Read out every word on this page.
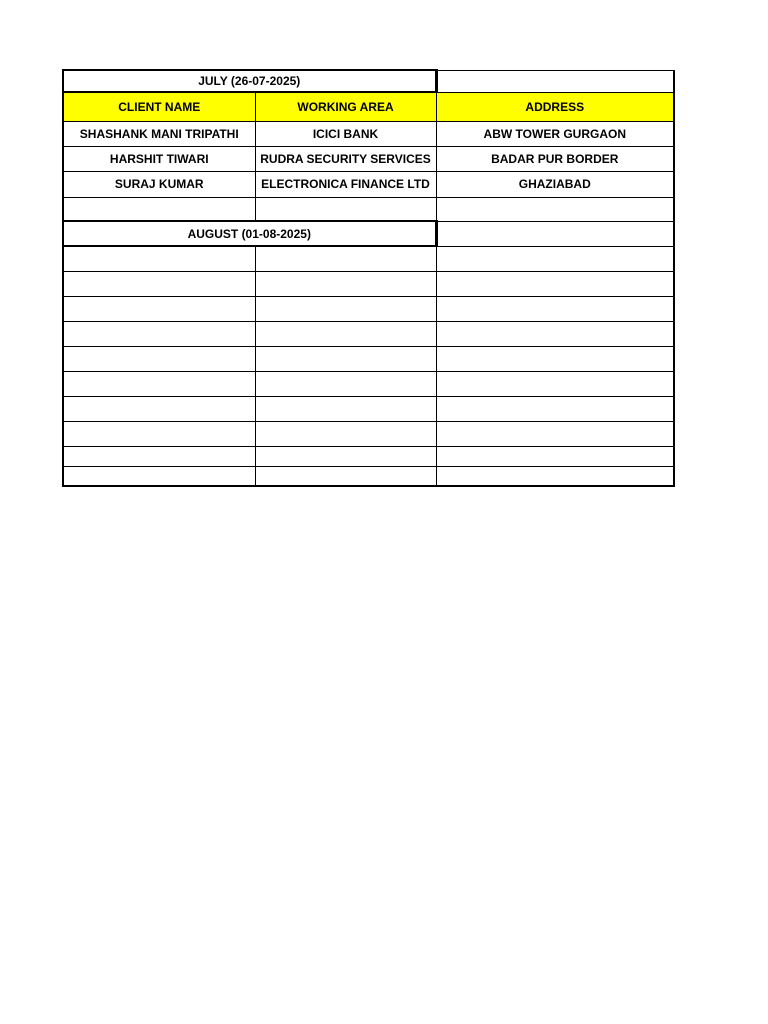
JULY (26-07-2025)		
CLIENT NAME	WORKING AREA	ADDRESS
SHASHANK MANI TRIPATHI	ICICI BANK	ABW TOWER GURGAON
HARSHIT TIWARI	RUDRA SECURITY SERVICES	BADAR PUR BORDER
SURAJ KUMAR	ELECTRONICA FINANCE LTD	GHAZIABAD

AUGUST (01-08-2025)		
